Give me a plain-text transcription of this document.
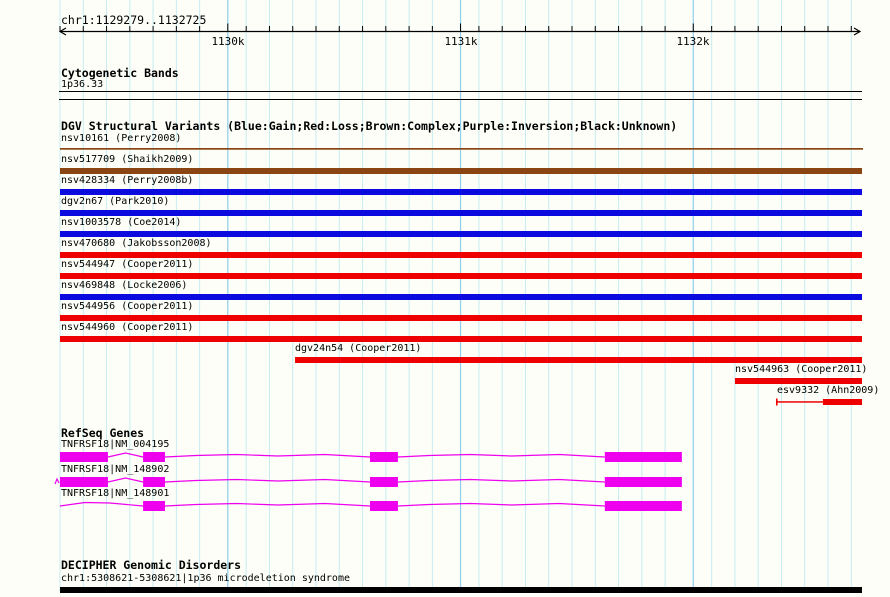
chr1:1129279..1132725
Cytogenetic Bands
1p36.33
DGV Structural Variants (Blue:Gain;Red:Loss;Brown:Complex;Purple:Inversion;Black:Unknown)
RefSeq Genes
DECIPHER Genomic Disorders
chr1:5308621-5308621|1p36 microdeletion syndrome
1130k	1131k	1132k
nsv10161 (Perry2008)
nsv517709 (Shaikh2009)
nsv428334 (Perry2008b)
dgv2n67 (Park2010)
nsv1003578 (Coe2014)
nsv470680 (Jakobsson2008)
nsv544947 (Cooper2011)
nsv469848 (Locke2006)
nsv544956 (Cooper2011)
nsv544960 (Cooper2011)
dgv24n54 (Cooper2011)
nsv544963 (Cooper2011)
esv9332 (Ahn2009)
TNFRSF18|NM_004195
TNFRSF18|NM_148902
TNFRSF18|NM_148901
